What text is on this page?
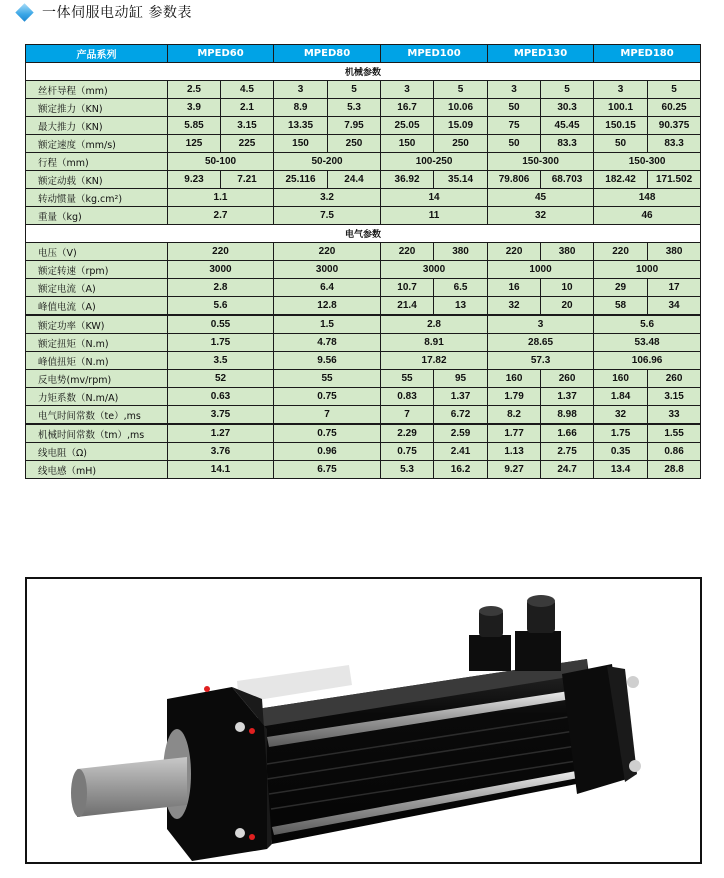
一体伺服电动缸 参数表
产品系列	MPED60		MPED80		MPED100		MPED130		MPED180	
机械参数										
丝杆导程（mm)	2.5	4.5	3	5	3	5	3	5	3	5
额定推力（KN)	3.9	2.1	8.9	5.3	16.7	10.06	50	30.3	100.1	60.25
最大推力（KN)	5.85	3.15	13.35	7.95	25.05	15.09	75	45.45	150.15	90.375
额定速度（mm/s)	125	225	150	250	150	250	50	83.3	50	83.3
行程（mm)	50-100		50-200		100-250		150-300		150-300	
额定动载（KN)	9.23	7.21	25.116	24.4	36.92	35.14	79.806	68.703	182.42	171.502
转动惯量（kg.cm²)	1.1		3.2		14		45		148	
重量（kg)	2.7		7.5		11		32		46	
电气参数										
电压（V)	220		220		220	380	220	380	220	380
额定转速（rpm)	3000		3000		3000		1000		1000	
额定电流（A)	2.8		6.4		10.7	6.5	16	10	29	17
峰值电流（A)	5.6		12.8		21.4	13	32	20	58	34
额定功率（KW)	0.55		1.5		2.8		3		5.6	
额定扭矩（N.m)	1.75		4.78		8.91		28.65		53.48	
峰值扭矩（N.m)	3.5		9.56		17.82		57.3		106.96	
反电势(mv/rpm)	52		55		55	95	160	260	160	260
力矩系数（N.m/A)	0.63		0.75		0.83	1.37	1.79	1.37	1.84	3.15
电气时间常数（te）,ms	3.75		7		7	6.72	8.2	8.98	32	33
机械时间常数（tm）,ms	1.27		0.75		2.29	2.59	1.77	1.66	1.75	1.55
线电阻（Ω)	3.76		0.96		0.75	2.41	1.13	2.75	0.35	0.86
线电感（mH)	14.1		6.75		5.3	16.2	9.27	24.7	13.4	28.8
